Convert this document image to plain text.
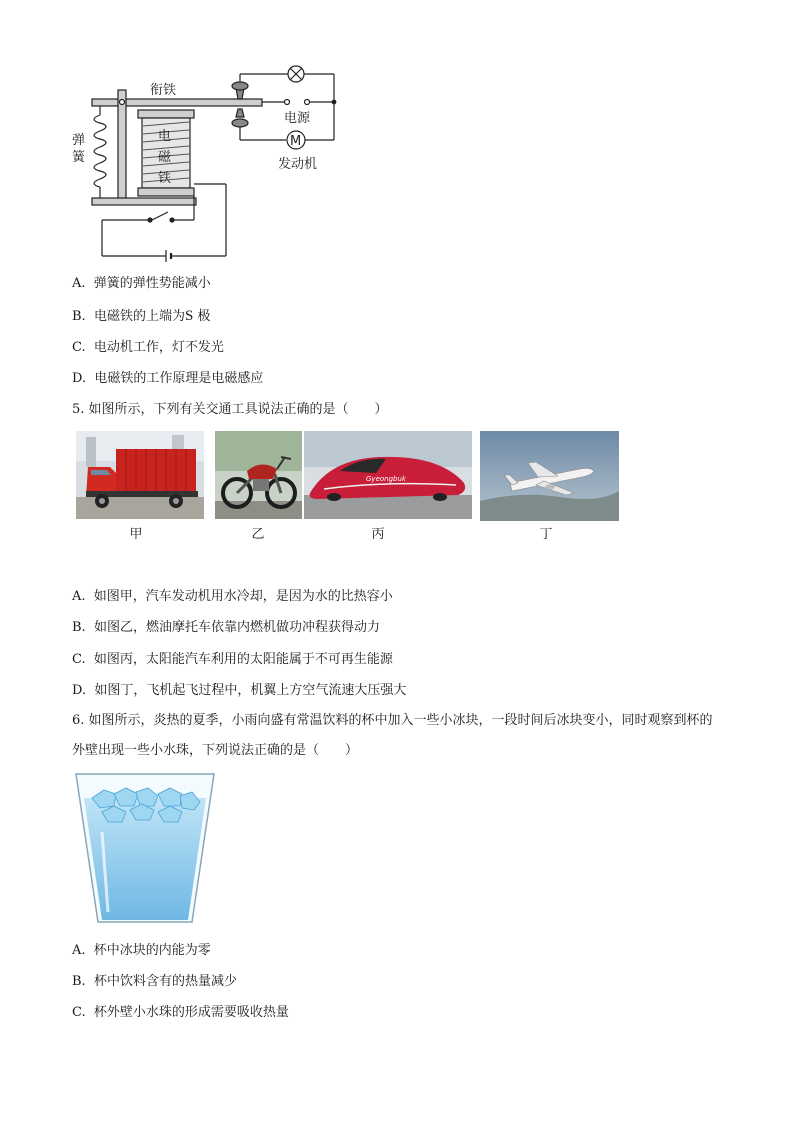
衔铁
电源
M
发动机
弹簧
电磁铁
A. 弹簧的弹性势能减小
B. 电磁铁的上端为S 极
C. 电动机工作，灯不发光
D. 电磁铁的工作原理是电磁感应
5. 如图所示，下列有关交通工具说法正确的是（　　）
Gyeongbuk
甲	乙	丙	丁
A. 如图甲，汽车发动机用水冷却，是因为水的比热容小
B. 如图乙，燃油摩托车依靠内燃机做功冲程获得动力
C. 如图丙，太阳能汽车利用的太阳能属于不可再生能源
D. 如图丁，飞机起飞过程中，机翼上方空气流速大压强大
6. 如图所示，炎热的夏季，小雨向盛有常温饮料的杯中加入一些小冰块，一段时间后冰块变小，同时观察到杯的外壁出现一些小水珠，下列说法正确的是（　　）
A. 杯中冰块的内能为零
B. 杯中饮料含有的热量减少
C. 杯外壁小水珠的形成需要吸收热量
